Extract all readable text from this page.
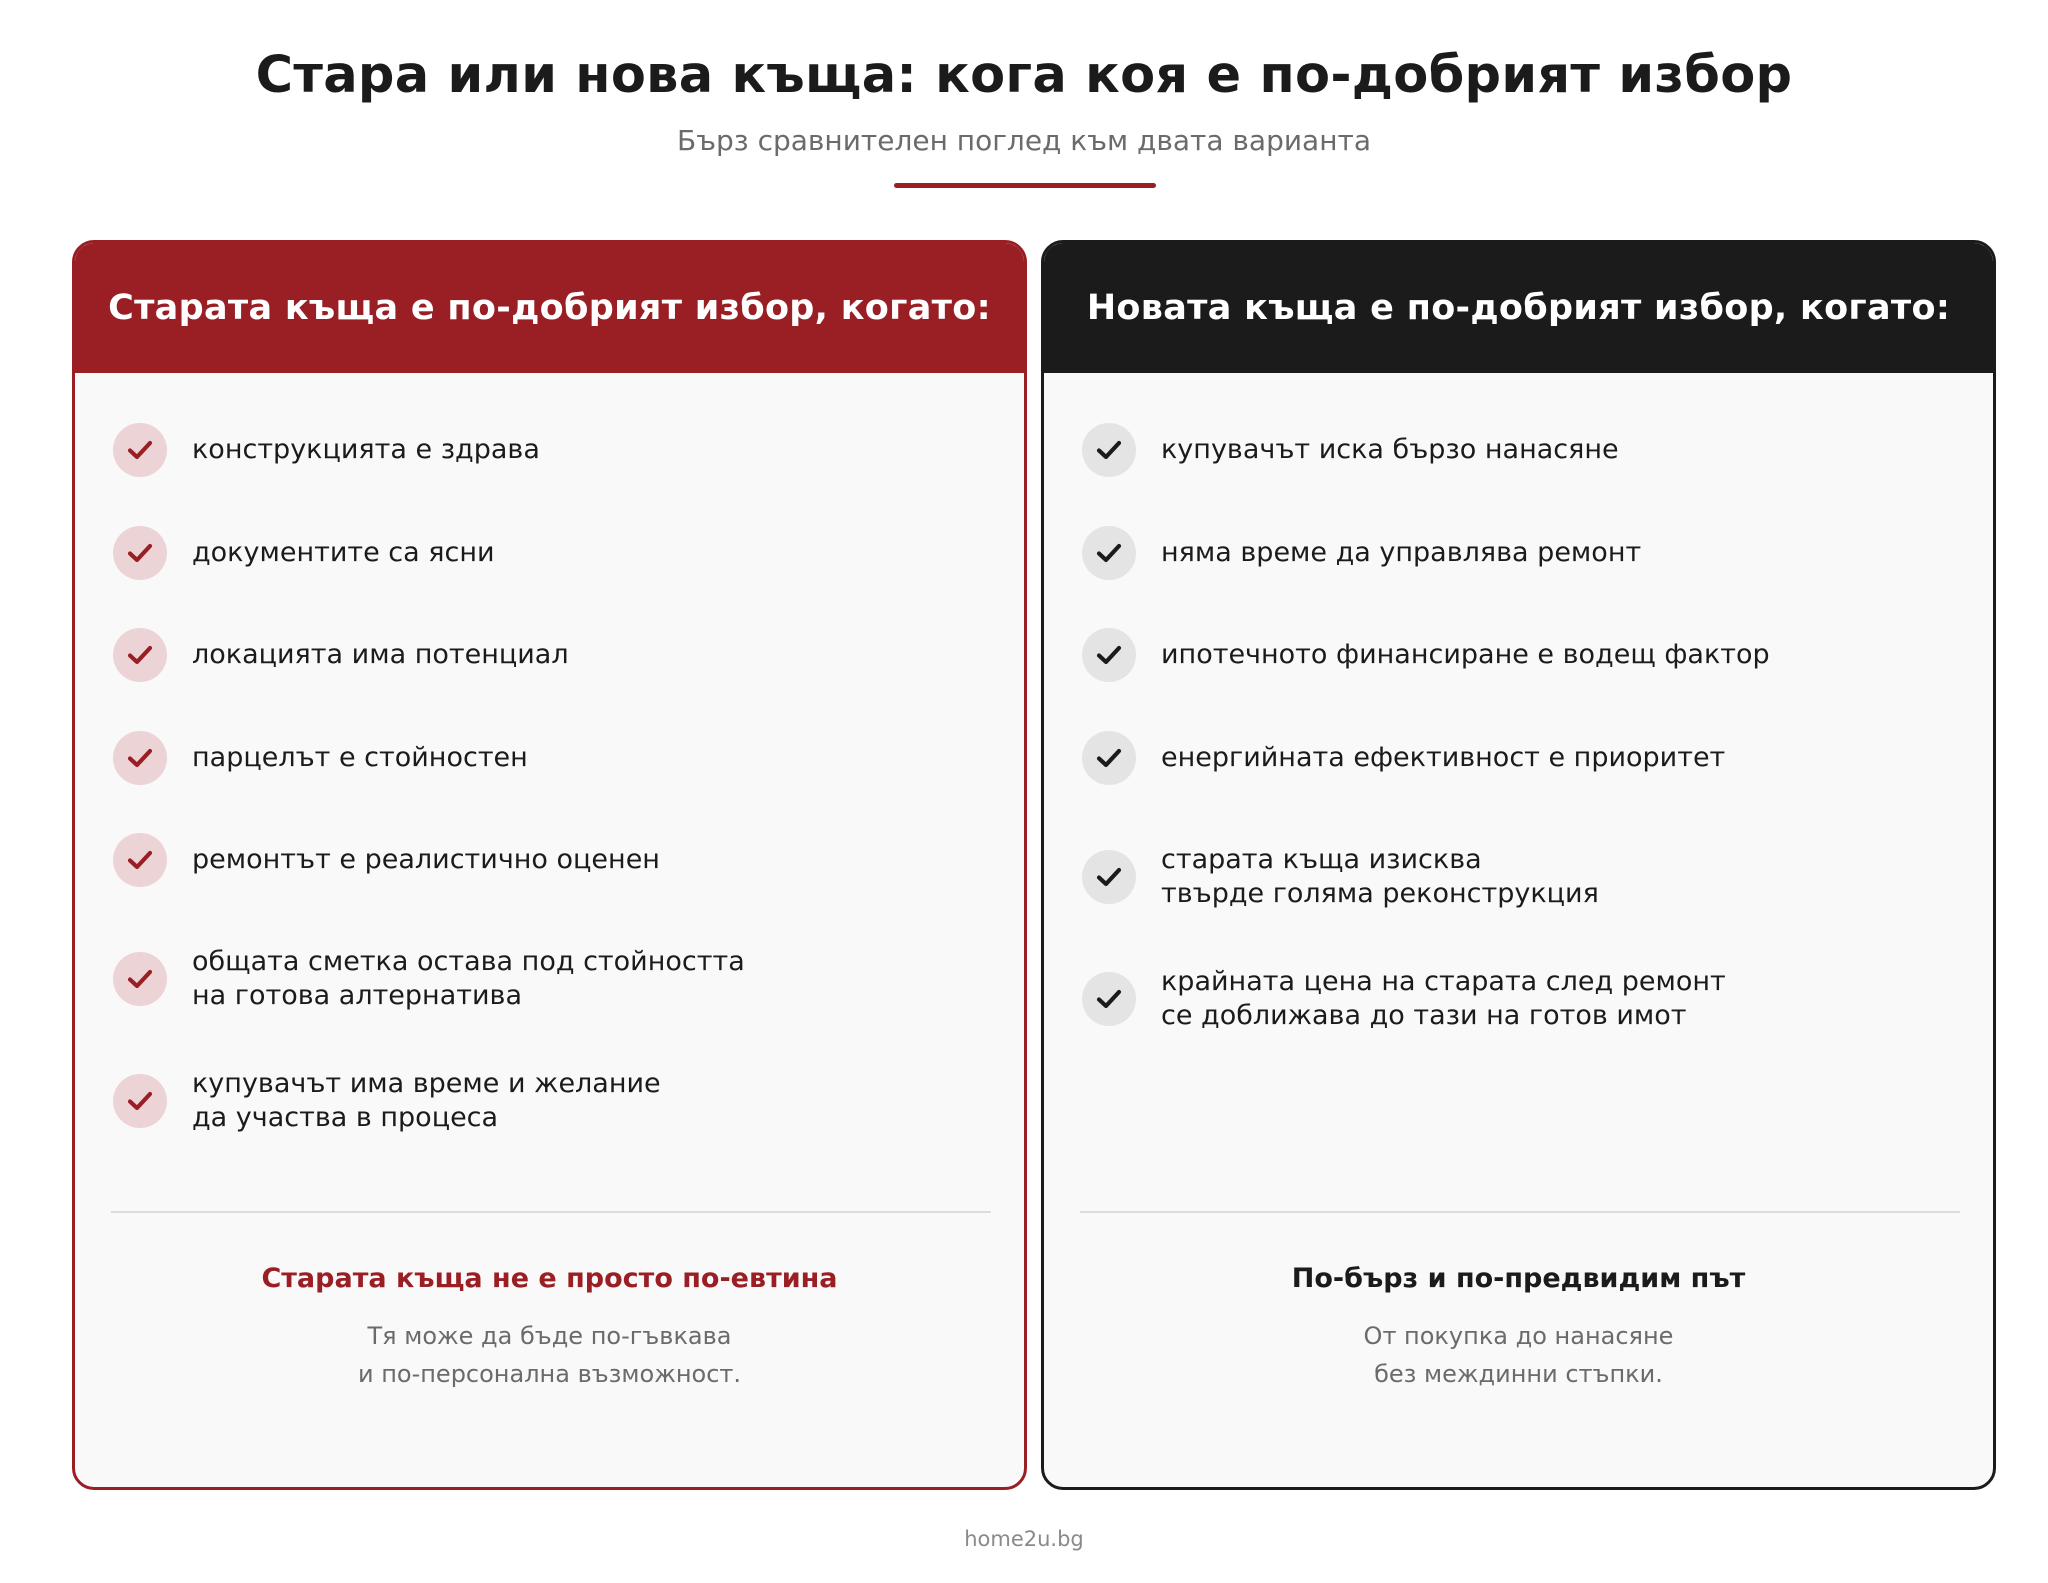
Стара или нова къща: кога коя е по-добрият избор
Бърз сравнителен поглед към двата варианта
Старата къща е по-добрият избор, когато:
конструкцията е здрава
документите са ясни
локацията има потенциал
парцелът е стойностен
ремонтът е реалистично оценен
общата сметка остава под стойността
на готова алтернатива
купувачът има време и желание
да участва в процеса
Старата къща не е просто по-евтина
Тя може да бъде по-гъвкава
и по-персонална възможност.
Новата къща е по-добрият избор, когато:
купувачът иска бързо нанасяне
няма време да управлява ремонт
ипотечното финансиране е водещ фактор
енергийната ефективност е приоритет
старата къща изисква
твърде голяма реконструкция
крайната цена на старата след ремонт
се доближава до тази на готов имот
По-бърз и по-предвидим път
От покупка до нанасяне
без междинни стъпки.
home2u.bg
